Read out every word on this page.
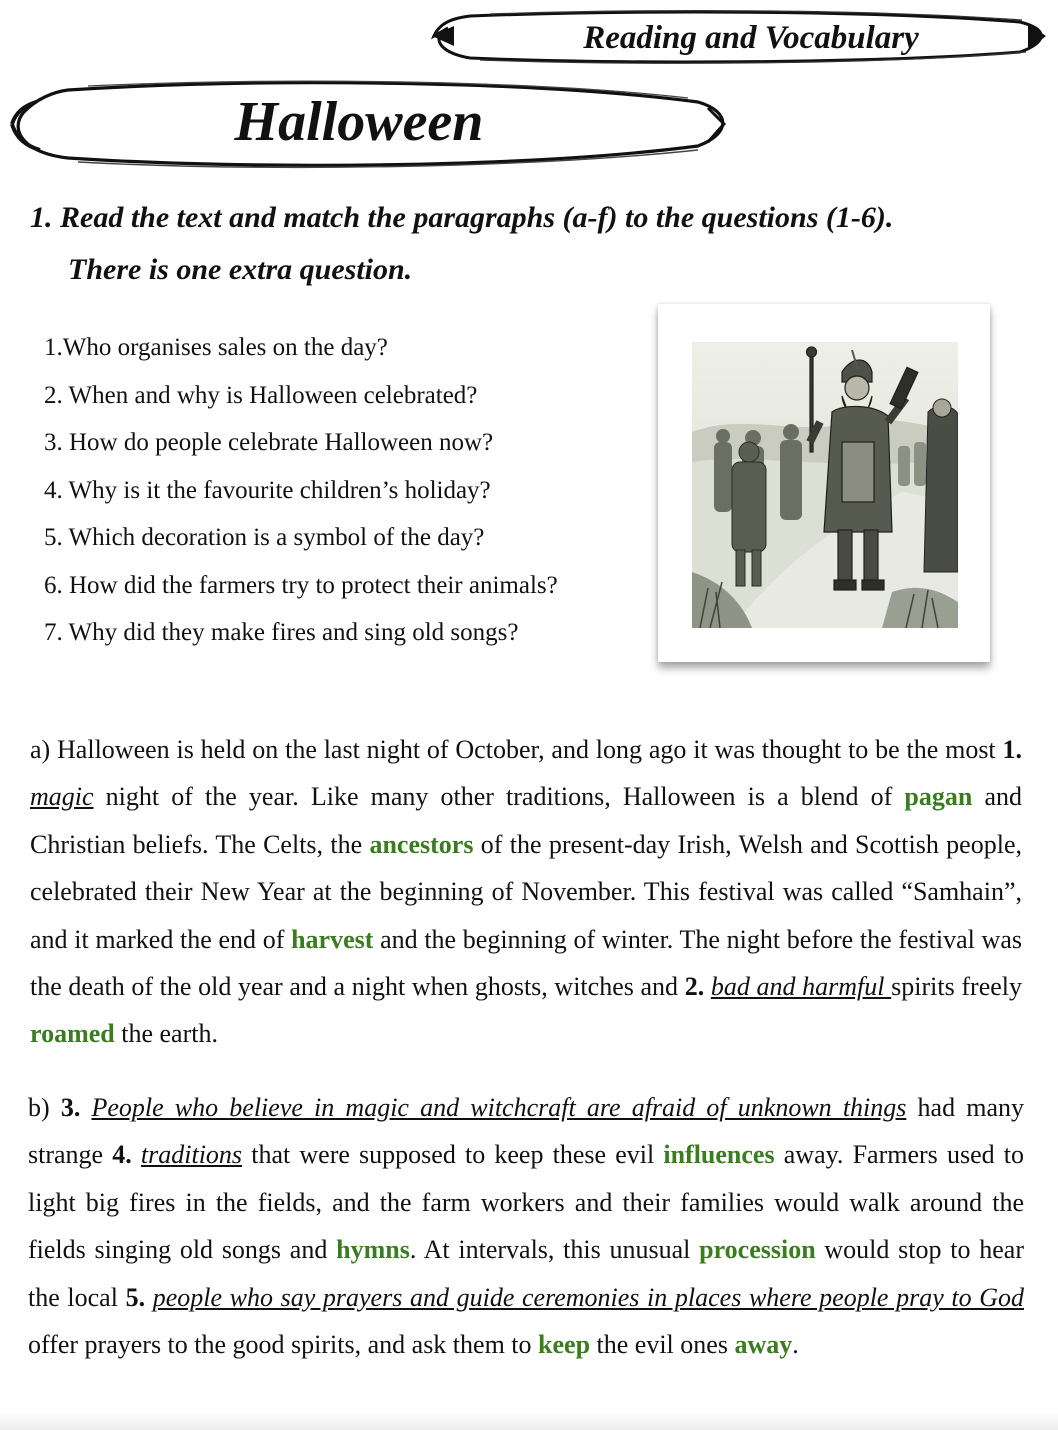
Reading and Vocabulary
Halloween
1. Read the text and match the paragraphs (a-f) to the questions (1-6).
There is one extra question.
1.Who organises sales on the day?
2. When and why is Halloween celebrated?
3. How do people celebrate Halloween now?
4. Why is it the favourite children’s holiday?
5. Which decoration is a symbol of the day?
6. How did the farmers try to protect their animals?
7. Why did they make fires and sing old songs?

a) Halloween is held on the last night of October, and long ago it was thought to be the most 1. magic night of the year. Like many other traditions, Halloween is a blend of pagan and Christian beliefs. The Celts, the ancestors of the present-day Irish, Welsh and Scottish people, celebrated their New Year at the beginning of November. This festival was called “Samhain”, and it marked the end of harvest and the beginning of winter. The night before the festival was the death of the old year and a night when ghosts, witches and 2. bad and harmful spirits freely roamed the earth.

b) 3. People who believe in magic and witchcraft are afraid of unknown things had many strange 4. traditions that were supposed to keep these evil influences away. Farmers used to light big fires in the fields, and the farm workers and their families would walk around the fields singing old songs and hymns. At intervals, this unusual procession would stop to hear the local 5. people who say prayers and guide ceremonies in places where people pray to God offer prayers to the good spirits, and ask them to keep the evil ones away.
